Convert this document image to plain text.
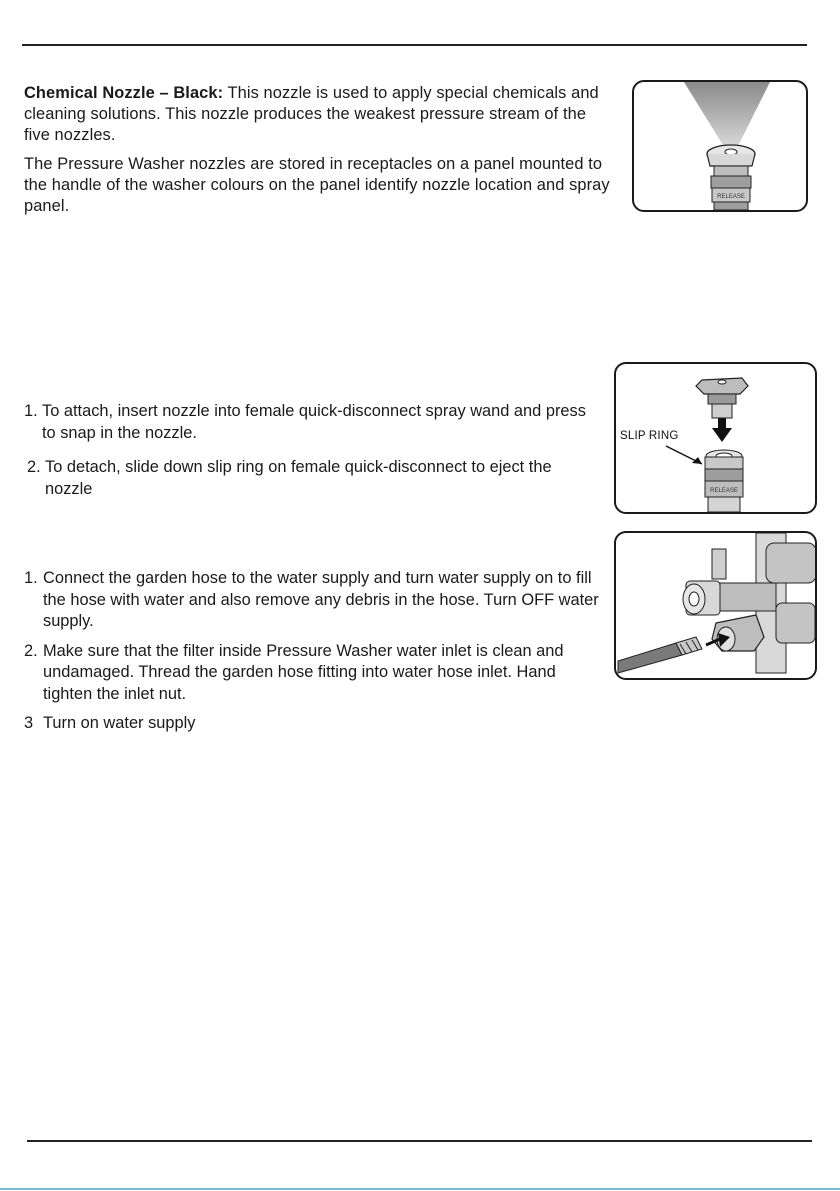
Chemical Nozzle – Black: This nozzle is used to apply special chemicals and cleaning solutions. This nozzle produces the weakest pressure stream of the five nozzles.
The Pressure Washer nozzles are stored in receptacles on a panel mounted to the handle of the washer colours on the panel identify nozzle location and spray panel.	RELEASE
1. To attach, insert nozzle into female quick-disconnect spray wand and press to snap in the nozzle.
2. To detach, slide down slip ring on female quick-disconnect to eject the nozzle	RELEASE
SLIP RING
1. Connect the garden hose to the water supply and turn water supply on to fill the hose with water and also remove any debris in the hose. Turn OFF water supply.
2. Make sure that the filter inside Pressure Washer water inlet is clean and undamaged. Thread the garden hose fitting into water hose inlet. Hand tighten the inlet nut.
3 Turn on water supply
